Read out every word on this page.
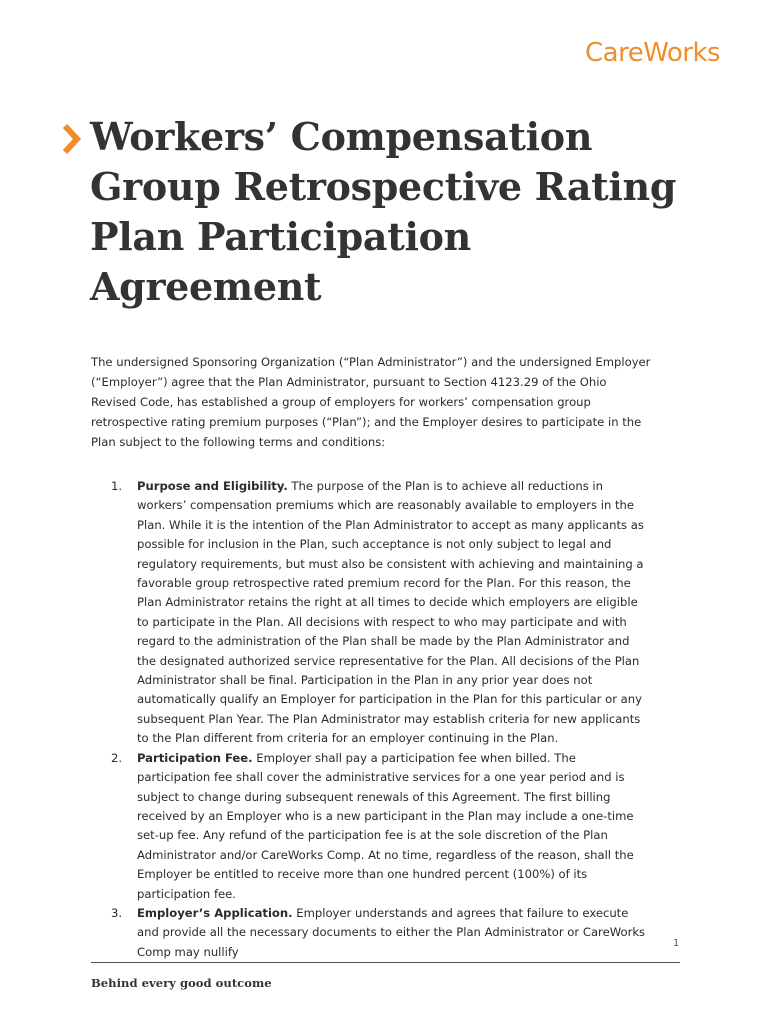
CareWorks
Workers’ Compensation Group Retrospective Rating Plan Participation Agreement

The undersigned Sponsoring Organization (“Plan Administrator”) and the undersigned Employer (“Employer”) agree that the Plan Administrator, pursuant to Section 4123.29 of the Ohio Revised Code, has established a group of employers for workers’ compensation group retrospective rating premium purposes (“Plan”); and the Employer desires to participate in the Plan subject to the following terms and conditions:

1. Purpose and Eligibility. The purpose of the Plan is to achieve all reductions in workers’ compensation premiums which are reasonably available to employers in the Plan. While it is the intention of the Plan Administrator to accept as many applicants as possible for inclusion in the Plan, such acceptance is not only subject to legal and regulatory requirements, but must also be consistent with achieving and maintaining a favorable group retrospective rated premium record for the Plan. For this reason, the Plan Administrator retains the right at all times to decide which employers are eligible to participate in the Plan. All decisions with respect to who may participate and with regard to the administration of the Plan shall be made by the Plan Administrator and the designated authorized service representative for the Plan. All decisions of the Plan Administrator shall be final. Participation in the Plan in any prior year does not automatically qualify an Employer for participation in the Plan for this particular or any subsequent Plan Year. The Plan Administrator may establish criteria for new applicants to the Plan different from criteria for an employer continuing in the Plan.
2. Participation Fee. Employer shall pay a participation fee when billed. The participation fee shall cover the administrative services for a one year period and is subject to change during subsequent renewals of this Agreement. The first billing received by an Employer who is a new participant in the Plan may include a one-time set-up fee. Any refund of the participation fee is at the sole discretion of the Plan Administrator and/or CareWorks Comp. At no time, regardless of the reason, shall the Employer be entitled to receive more than one hundred percent (100%) of its participation fee.
3. Employer’s Application. Employer understands and agrees that failure to execute and provide all the necessary documents to either the Plan Administrator or CareWorks Comp may nullify
1
Behind every good outcome
